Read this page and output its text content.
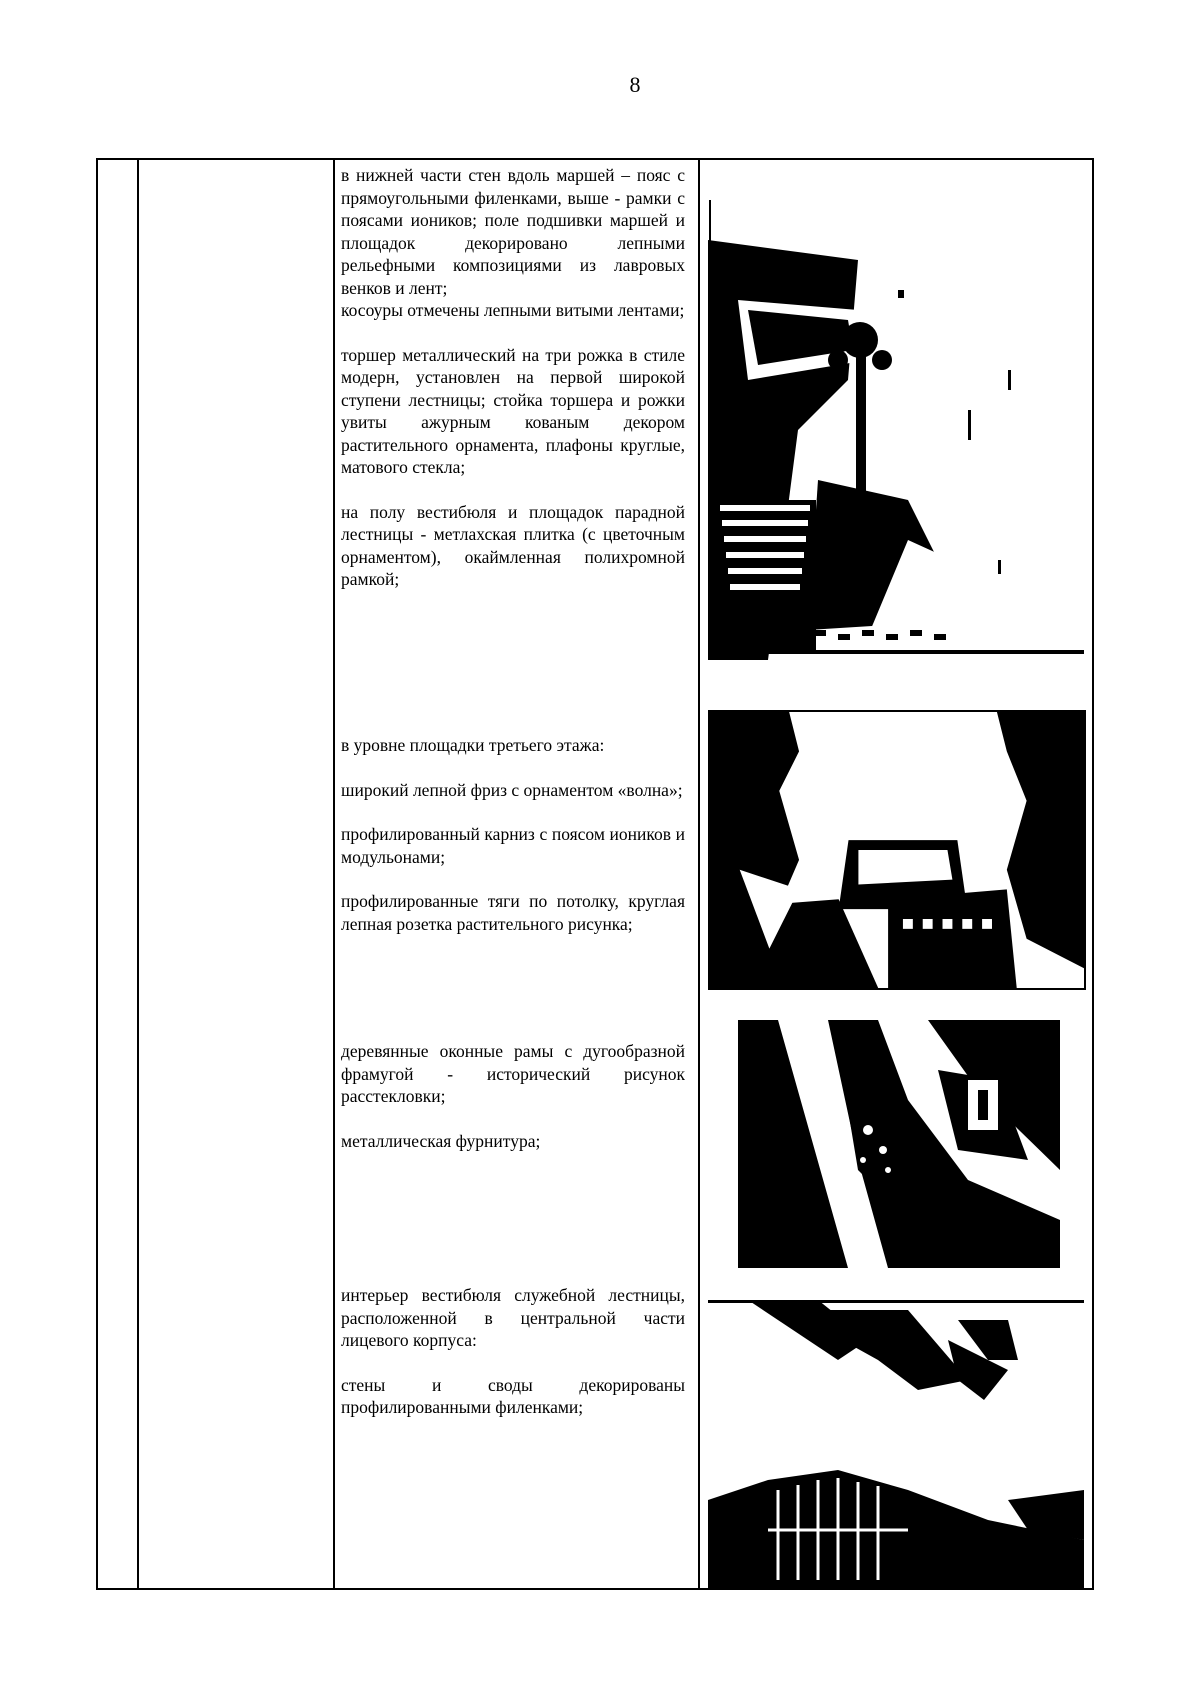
8

в нижней части стен вдоль маршей – пояс с прямоугольными филенками, выше - рамки с поясами иоников; поле подшивки маршей и площадок декорировано лепными рельефными композициями из лавровых венков и лент;

косоуры отмечены лепными витыми лентами;

торшер металлический на три рожка в стиле модерн, установлен на первой широкой ступени лестницы; стойка торшера и рожки увиты ажурным кованым декором растительного орнамента, плафоны круглые, матового стекла;

на полу вестибюля и площадок парадной лестницы - метлахская плитка (с цветочным орнаментом), окаймленная полихромной рамкой;

в уровне площадки третьего этажа:

широкий лепной фриз с орнаментом «волна»;

профилированный карниз с поясом иоников и модульонами;

профилированные тяги по потолку, круглая лепная розетка растительного рисунка;

деревянные оконные рамы с дугообразной фрамугой - исторический рисунок расстекловки;

металлическая фурнитура;

интерьер вестибюля служебной лестницы, расположенной в центральной части лицевого корпуса:

стены и своды декорированы профилированными филенками;
